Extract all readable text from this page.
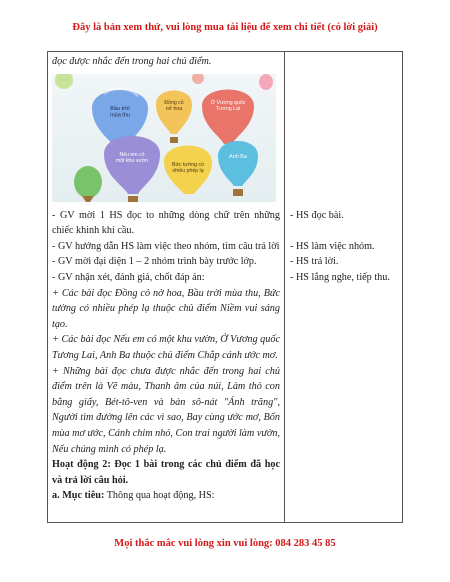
Đây là bản xem thử, vui lòng mua tài liệu để xem chi tiết (có lời giải)

đọc được nhắc đến trong hai chủ điểm.

Bầu trời mùa thu
Đồng cỏ nở hoa
Ở Vương quốc Tương Lai
Nếu em có một khu vườn
Bức tường có nhiều phép lạ
Anh Ba

- GV mời 1 HS đọc to những dòng chữ trên những chiếc khinh khí cầu.

- GV hướng dẫn HS làm việc theo nhóm, tìm câu trả lời

- GV mời đại diện 1 – 2 nhóm trình bày trước lớp.

- GV nhận xét, đánh giá, chốt đáp án:

+ Các bài đọc Đồng cỏ nở hoa, Bầu trời mùa thu, Bức tường có nhiều phép lạ thuộc chủ điểm Niềm vui sáng tạo.

+ Các bài đọc Nếu em có một khu vườn, Ở Vương quốc Tương Lai, Anh Ba thuộc chủ điểm Chắp cánh ước mơ.

+ Những bài đọc chưa được nhắc đến trong hai chủ điểm trên là Vẽ màu, Thanh âm của núi, Làm thỏ con bằng giấy, Bét-tô-ven và bản sô-nát "Ánh trăng", Người tìm đường lên các vì sao, Bay cùng ước mơ, Bốn mùa mơ ước, Cánh chim nhỏ, Con trai người làm vườn, Nếu chúng mình có phép lạ.

Hoạt động 2: Đọc 1 bài trong các chủ điểm đã học và trả lời câu hỏi.

a. Mục tiêu: Thông qua hoạt động, HS:

- HS đọc bài.

- HS làm việc nhóm.

- HS trả lời.

- HS lắng nghe, tiếp thu.

Mọi thắc mắc vui lòng xin vui lòng: 084 283 45 85
